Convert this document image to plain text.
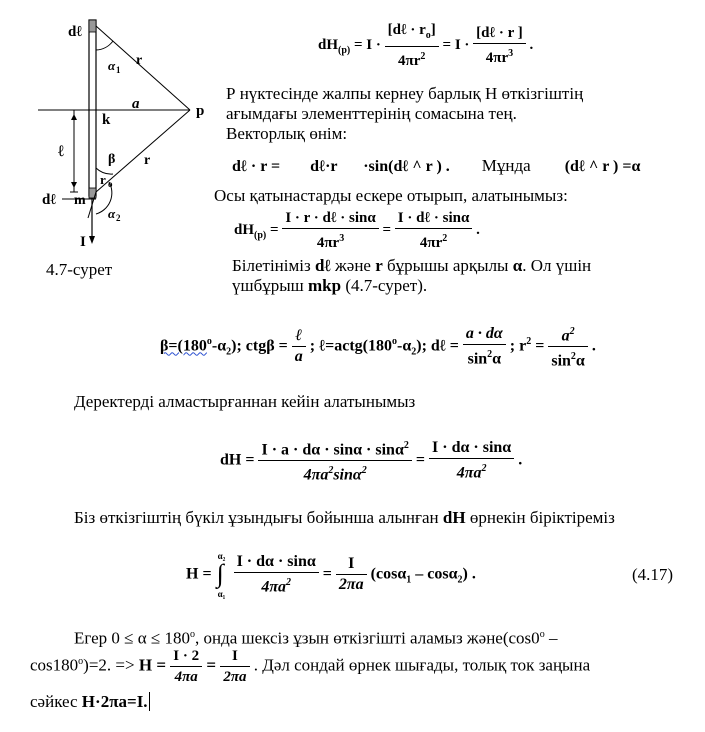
dℓ
α 1
r
p
a
k
ℓ	β r
r o
dℓ m
α 2
I
4.7-сурет
$dH_{(p)} = I \cdot \frac{[d\ell \cdot r_o]}{4\pi r^2} = I \cdot \frac{\text{[dℓ · r ]}}{4\pi r^3}$ .
Р нүктесінде жалпы кернеу барлық Н өткізгіштің
ағымдағы элементтерінің сомасына тең.
Векторлық өнім:
dℓ · r = dℓ·r ·sin(dℓ ^ r ) . Мұнда (dℓ ^ r ) =α
Осы қатынастарды ескере отырып, алатынымыз:
$dH_{(p)} = \frac{\text{I · r · dℓ · sinα}}{4\pi r^3} = \frac{\text{I · dℓ · sinα}}{4\pi r^2}$ .
Білетініміз dℓ және r бұрышы арқылы α. Ол үшін
үшбұрыш mkp (4.7-сурет).
$\beta=(180^о-\alpha_2)$; $ctg\beta = \frac{\text{ℓ}}{a}$ ; $\ell=actg(180^о-\alpha_2)$; dℓ = $\frac{a \cdot d\alpha}{\sin^2\alpha}$ ; $r^2 = \frac{a^2}{\sin^2\alpha}$ .
Деректерді алмастырғаннан кейін алатынымыз
dH = $\frac{I \cdot a \cdot d\alpha \cdot \sin\alpha \cdot \sin\alpha^2}{4\pi a^2\sin\alpha^2} = \frac{I \cdot d\alpha \cdot \sin\alpha}{4\pi a^2}$ .
Біз өткізгіштің бүкіл ұзындығы бойынша алынған dH өрнекін біріктіреміз
H =
α₂
∫
α₁
$\frac{I \cdot d\alpha \cdot \sin\alpha}{4\pi a^2} = \frac{I}{2\pi a} (\cos\alpha_1 - \cos\alpha_2)$ .	(4.17)
Егер $0 \le \alpha \le 180^о$, онда шексіз ұзын өткізгішті аламыз $және(\cos 0^о$ –
$\cos 180^о)=2$. => $H = \frac{I \cdot 2}{4\pi a} = \frac{I}{2\pi a}$ . Дәл сондай өрнек шығады, толық ток заңына
сәйкес H·2πa=I.
